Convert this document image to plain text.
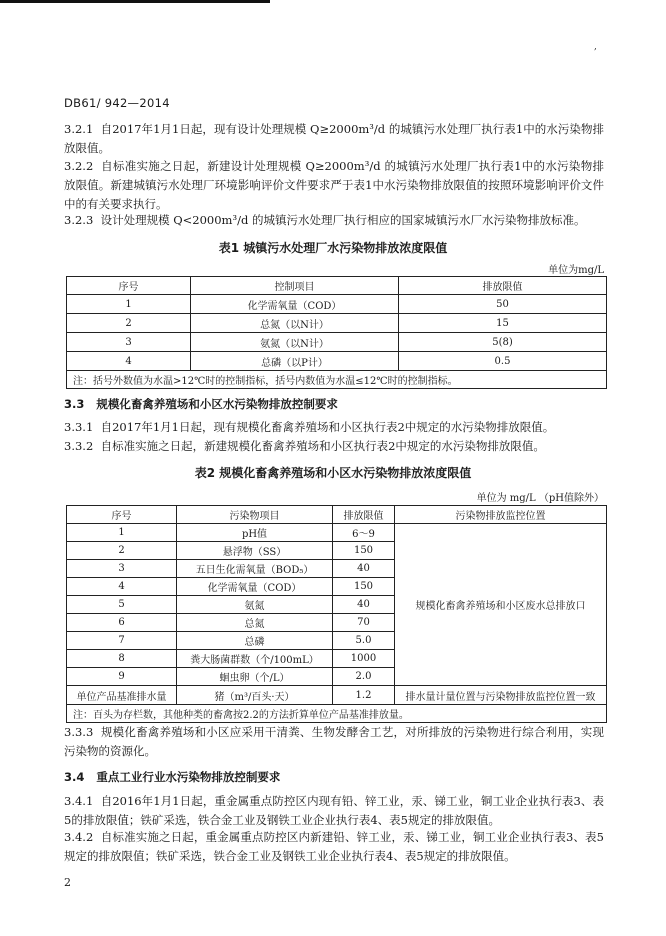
,
DB61/ 942—2014

3.2.1  自2017年1月1日起，现有设计处理规模 Q≥2000m³/d 的城镇污水处理厂执行表1中的水污染物排放限值。

3.2.2  自标准实施之日起，新建设计处理规模 Q≥2000m³/d 的城镇污水处理厂执行表1中的水污染物排放限值。新建城镇污水处理厂环境影响评价文件要求严于表1中水污染物排放限值的按照环境影响评价文件中的有关要求执行。

3.2.3  设计处理规模 Q<2000m³/d 的城镇污水处理厂执行相应的国家城镇污水厂水污染物排放标准。

表1 城镇污水处理厂水污染物排放浓度限值

单位为mg/L

序号	控制项目	排放限值
1	化学需氧量（COD）	50
2	总氮（以N计）	15
3	氨氮（以N计）	5(8)
4	总磷（以P计）	0.5
注：括号外数值为水温>12℃时的控制指标，括号内数值为水温≤12℃时的控制指标。		

3.3   规模化畜禽养殖场和小区水污染物排放控制要求

3.3.1  自2017年1月1日起，现有规模化畜禽养殖场和小区执行表2中规定的水污染物排放限值。

3.3.2  自标准实施之日起，新建规模化畜禽养殖场和小区执行表2中规定的水污染物排放限值。

表2 规模化畜禽养殖场和小区水污染物排放浓度限值

单位为 mg/L （pH值除外）

序号	污染物项目	排放限值	污染物排放监控位置
1	pH值	6～9	规模化畜禽养殖场和小区废水总排放口
2	悬浮物（SS）	150	
3	五日生化需氧量（BOD₅）	40	
4	化学需氧量（COD）	150	
5	氨氮	40	
6	总氮	70	
7	总磷	5.0	
8	粪大肠菌群数（个/100mL）	1000	
9	蛔虫卵（个/L）	2.0	
单位产品基准排水量	猪（m³/百头·天）	1.2	排水量计量位置与污染物排放监控位置一致
注：百头为存栏数，其他种类的畜禽按2.2的方法折算单位产品基准排放量。			

3.3.3  规模化畜禽养殖场和小区应采用干清粪、生物发酵舍工艺，对所排放的污染物进行综合利用，实现污染物的资源化。

3.4   重点工业行业水污染物排放控制要求

3.4.1  自2016年1月1日起，重金属重点防控区内现有铅、锌工业，汞、锑工业，铜工业企业执行表3、表5的排放限值；铁矿采选，铁合金工业及钢铁工业企业执行表4、表5规定的排放限值。

3.4.2  自标准实施之日起，重金属重点防控区内新建铅、锌工业，汞、锑工业，铜工业企业执行表3、表5规定的排放限值；铁矿采选，铁合金工业及钢铁工业企业执行表4、表5规定的排放限值。

2
